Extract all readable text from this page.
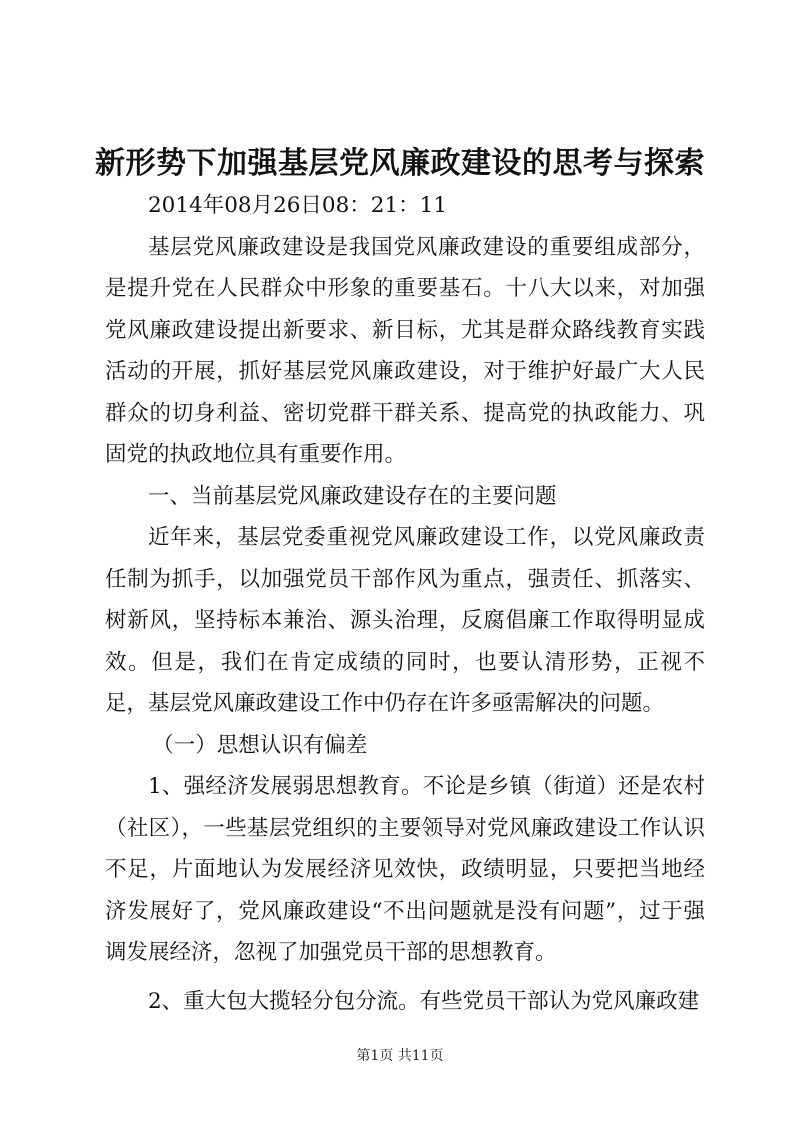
新形势下加强基层党风廉政建设的思考与探索

2014年08月26日08：21：11

基层党风廉政建设是我国党风廉政建设的重要组成部分，是提升党在人民群众中形象的重要基石。十八大以来，对加强党风廉政建设提出新要求、新目标，尤其是群众路线教育实践活动的开展，抓好基层党风廉政建设，对于维护好最广大人民群众的切身利益、密切党群干群关系、提高党的执政能力、巩固党的执政地位具有重要作用。

一、当前基层党风廉政建设存在的主要问题

近年来，基层党委重视党风廉政建设工作，以党风廉政责任制为抓手，以加强党员干部作风为重点，强责任、抓落实、树新风，坚持标本兼治、源头治理，反腐倡廉工作取得明显成效。但是，我们在肯定成绩的同时，也要认清形势，正视不足，基层党风廉政建设工作中仍存在许多亟需解决的问题。

（一）思想认识有偏差

1、强经济发展弱思想教育。不论是乡镇（街道）还是农村（社区），一些基层党组织的主要领导对党风廉政建设工作认识不足，片面地认为发展经济见效快，政绩明显，只要把当地经济发展好了，党风廉政建设“不出问题就是没有问题”，过于强调发展经济，忽视了加强党员干部的思想教育。

2、重大包大揽轻分包分流。有些党员干部认为党风廉政建

第1页 共11页
